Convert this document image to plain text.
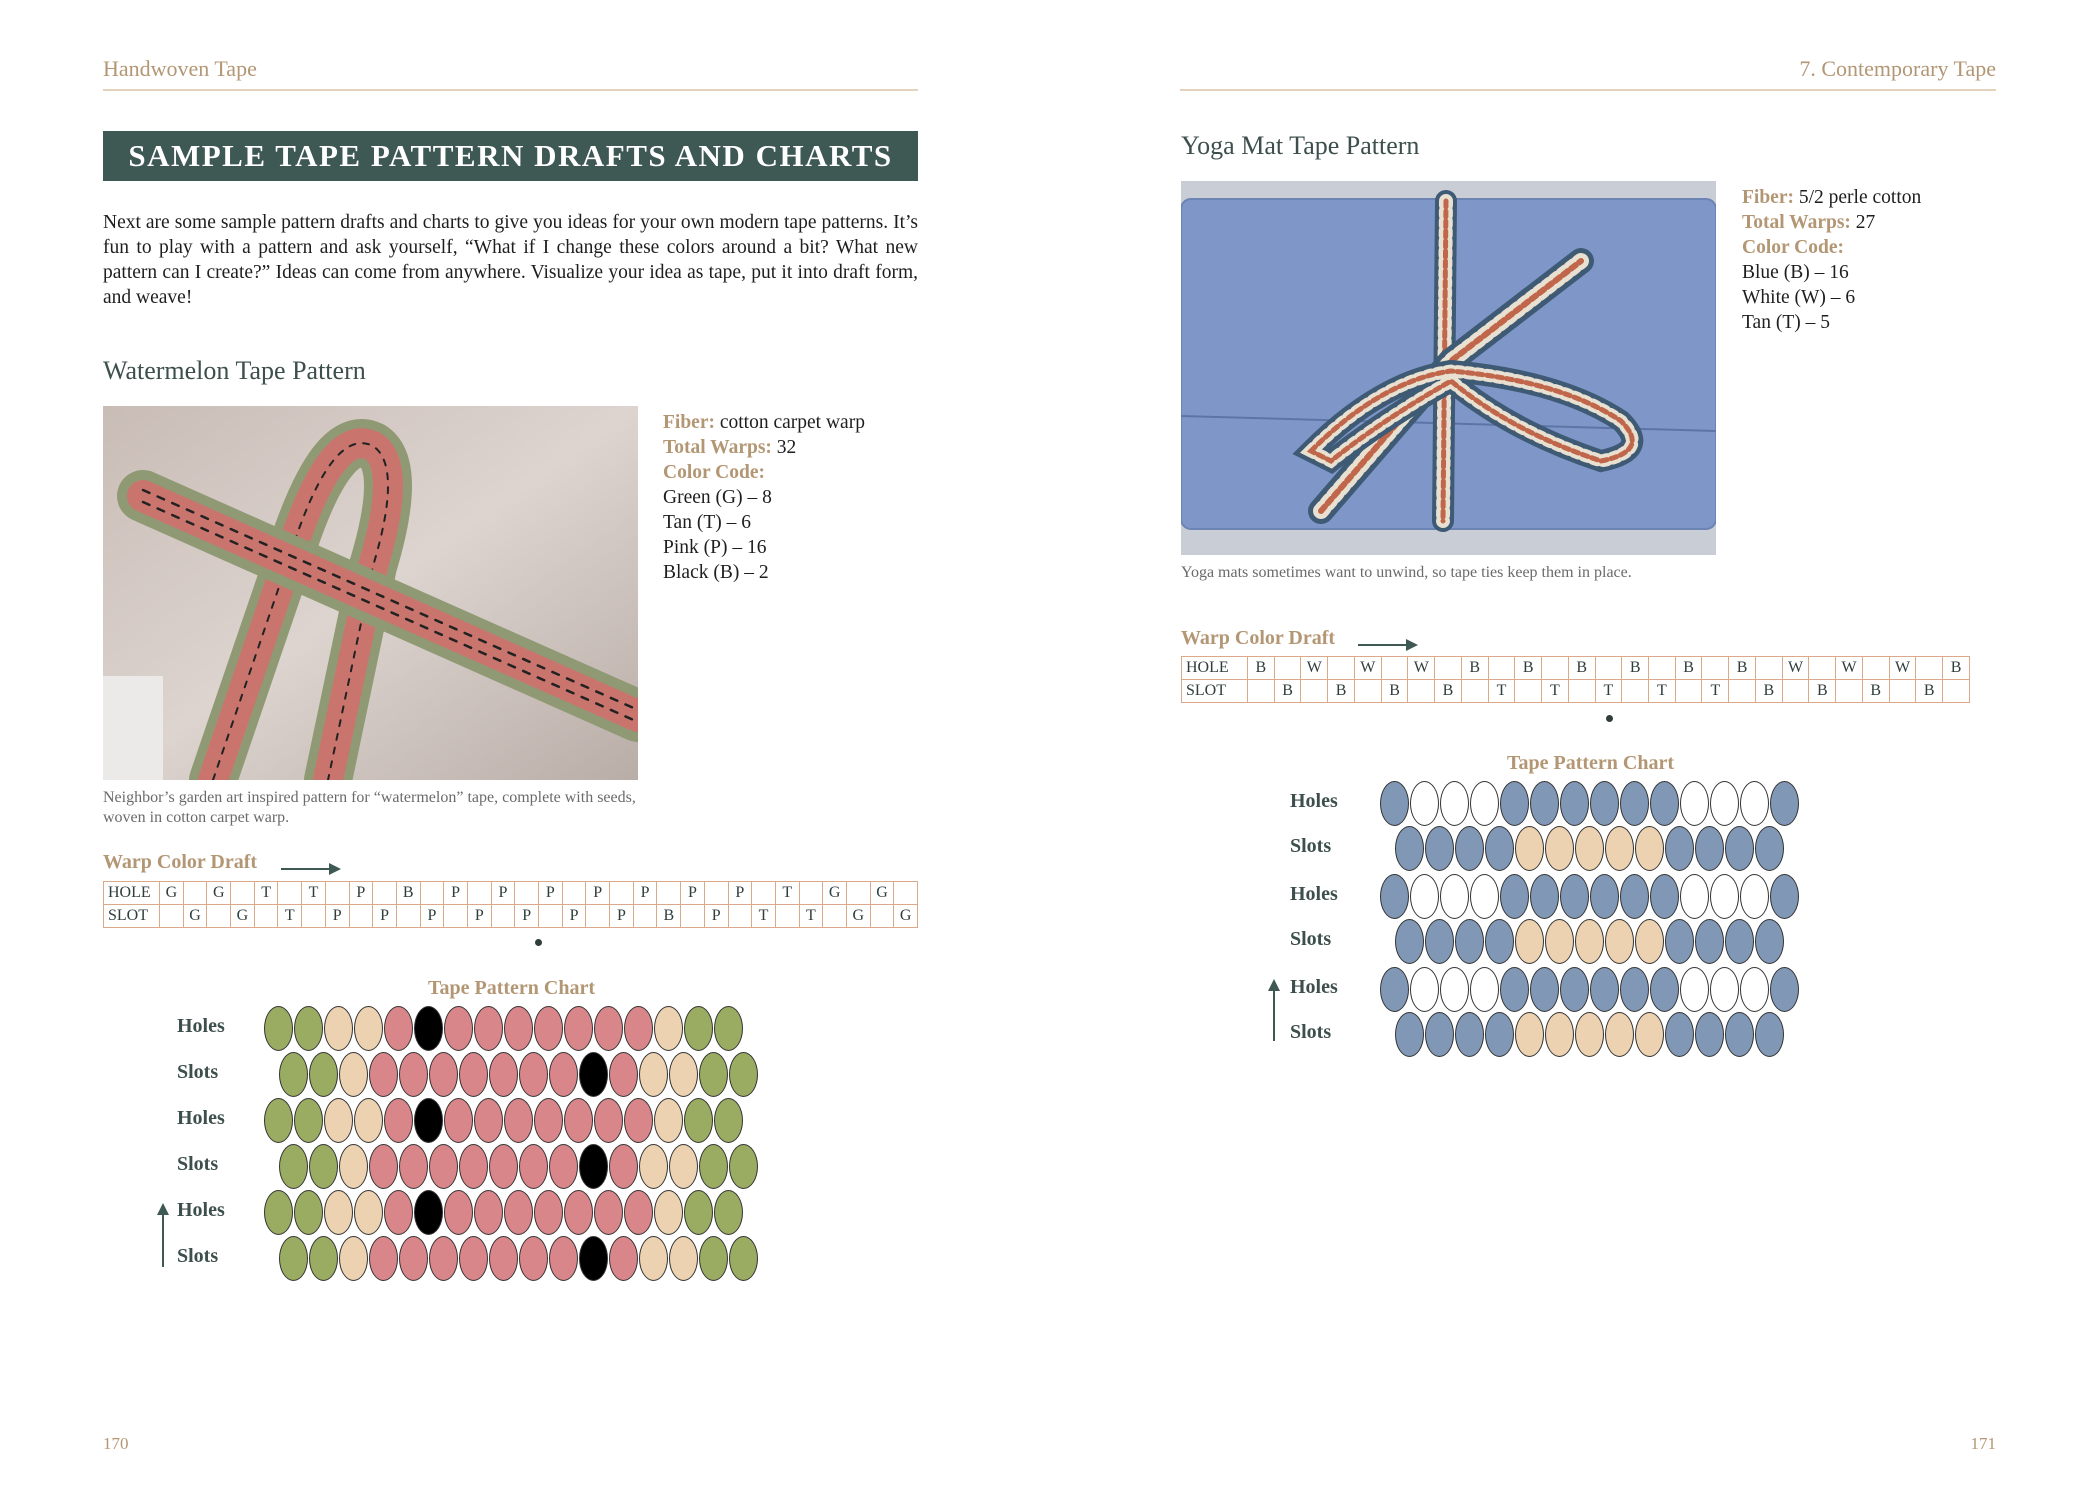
Handwoven Tape
SAMPLE TAPE PATTERN DRAFTS AND CHARTS
Next are some sample pattern drafts and charts to give you ideas for your own modern tape patterns. It’s fun to play with a pattern and ask yourself, “What if I change these colors around a bit? What new pattern can I create?” Ideas can come from anywhere. Visualize your idea as tape, put it into draft form, and weave!
Watermelon Tape Pattern
Fiber: cotton carpet warp
Total Warps: 32
Color Code:
Green (G) – 8
Tan (T) – 6
Pink (P) – 16
Black (B) – 2
Neighbor’s garden art inspired pattern for “watermelon” tape, complete with seeds, woven in cotton carpet warp.
Warp Color Draft
HOLE	G		G		T		T		P		B		P		P		P		P		P		P		P		T		G		G	
SLOT		G		G		T		P		P		P		P		P		P		P		B		P		T		T		G		G
Tape Pattern Chart
Holes
Slots
Holes
Slots
Holes
Slots
170
7. Contemporary Tape
Yoga Mat Tape Pattern
Fiber: 5/2 perle cotton
Total Warps: 27
Color Code:
Blue (B) – 16
White (W) – 6
Tan (T) – 5
Yoga mats sometimes want to unwind, so tape ties keep them in place.
Warp Color Draft
HOLE	B		W		W		W		B		B		B		B		B		B		W		W		W		B
SLOT		B		B		B		B		T		T		T		T		T		B		B		B		B	
Tape Pattern Chart
Holes
Slots
Holes
Slots
Holes
Slots
171
